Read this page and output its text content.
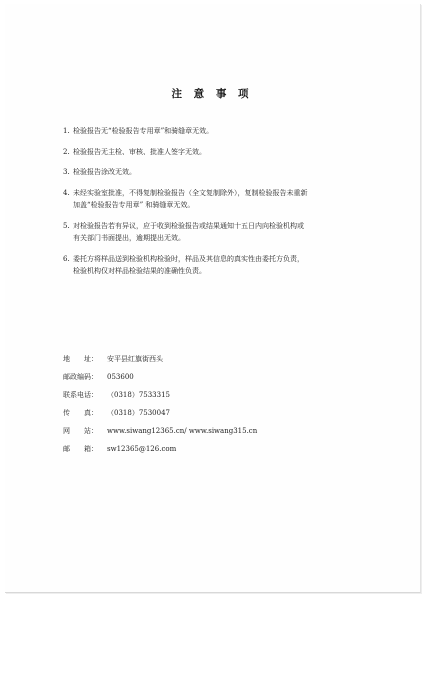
注 意 事 项
1. 检验报告无“检验报告专用章”和骑缝章无效。
2. 检验报告无主检、审核、批准人签字无效。
3. 检验报告涂改无效。
4. 未经实验室批准，不得复制检验报告（全文复制除外），复制检验报告未重新
加盖“检验报告专用章” 和骑缝章无效。
5. 对检验报告若有异议，应于收到检验报告或结果通知十五日内向检验机构或
有关部门书面提出，逾期提出无效。
6. 委托方将样品送到检验机构检验时，样品及其信息的真实性由委托方负责，
检验机构仅对样品检验结果的准确性负责。
地　　址：	安平县红旗街西头
邮政编码：	053600
联系电话：	（0318）7533315
传　　真：	（0318）7530047
网　　站：	www.siwang12365.cn/ www.siwang315.cn
邮　　箱：	sw12365@126.com
